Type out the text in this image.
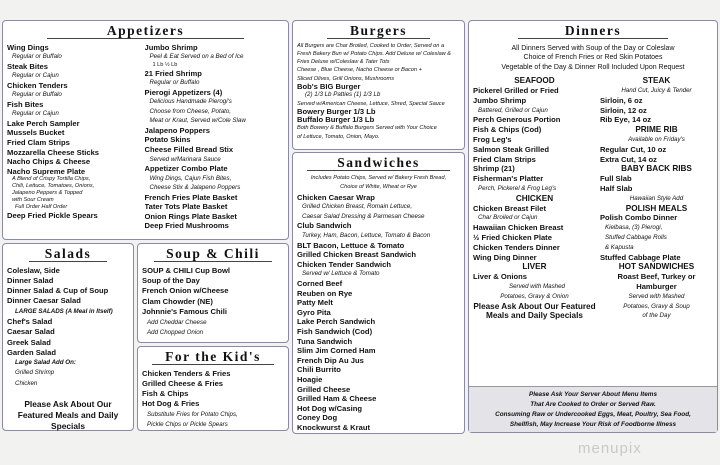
Appetizers
Wing Dings
Regular or Buffalo
Steak Bites
Regular or Cajun
Chicken Tenders
Regular or Buffalo
Fish Bites
Regular or Cajun
Lake Perch Sampler
Mussels Bucket
Fried Clam Strips
Mozzarella Cheese Sticks
Nacho Chips & Cheese
Nacho Supreme Plate
A Blend of Crispy Tortilla Chips,
Chili, Lettuce, Tomatoes, Onions,
Jalapeno Peppers & Topped
with Sour Cream
Full Order Half Order
Deep Fried Pickle Spears
Jumbo Shrimp
Peel & Eat Served on a Bed of Ice
1 Lb ½ Lb
21 Fried Shrimp
Regular or Buffalo
Pierogi Appetizers (4)
Delicious Handmade Pierogi's
Choose from Cheese, Potato,
Meat or Kraut, Served w/Cole Slaw
Jalapeno Poppers
Potato Skins
Cheese Filled Bread Stix
Served w/Marinara Sauce
Appetizer Combo Plate
Wing Dings, Cajun Fish Bites,
Cheese Stix & Jalapeno Poppers
French Fries Plate Basket
Tater Tots Plate Basket
Onion Rings Plate Basket
Deep Fried Mushrooms
Salads
Coleslaw, Side
Dinner Salad
Dinner Salad & Cup of Soup
Dinner Caesar Salad
LARGE SALADS (A Meal in Itself)
Chef's Salad
Caesar Salad
Greek Salad
Garden Salad
Large Salad Add On:
Grilled Shrimp
Chicken
Please Ask About Our Featured Meals and Daily Specials
Soup & Chili
SOUP & CHILI Cup Bowl
Soup of the Day
French Onion w/Cheese
Clam Chowder (NE)
Johnnie's Famous Chili
Add Cheddar Cheese
Add Chopped Onion
For the Kid's
Chicken Tenders & Fries
Grilled Cheese & Fries
Fish & Chips
Hot Dog & Fries
Substitute Fries for Potato Chips,
Pickle Chips or Pickle Spears
Burgers
All Burgers are Char Broiled, Cooked to Order, Served on a
Fresh Bakery Bun w/ Potato Chips. Add Deluxe w/ Coleslaw &
Fries Deluxe w/Coleslaw & Tater Tots
Cheese , Blue Cheese, Nacho Cheese or Bacon +
Sliced Olives, Grill Onions, Mushrooms
Bob's BIG Burger
(2) 1/3 Lb Patties (1) 1/3 Lb
Served w/American Cheese, Lettuce, Shred, Special Sauce
Bowery Burger 1/3 Lb
Buffalo Burger 1/3 Lb
Both Bowery & Buffalo Burgers Served with Your Choice
of Lettuce, Tomato, Onion, Mayo.
Sandwiches
Includes Potato Chips, Served w/ Bakery Fresh Bread,
Choice of White, Wheat or Rye
Chicken Caesar Wrap
Grilled Chicken Breast, Romain Lettuce,
Caesar Salad Dressing & Parmesan Cheese
Club Sandwich
Turkey, Ham, Bacon, Lettuce, Tomato & Bacon
BLT Bacon, Lettuce & Tomato
Grilled Chicken Breast Sandwich
Chicken Tender Sandwich
Served w/ Lettuce & Tomato
Corned Beef
Reuben on Rye
Patty Melt
Gyro Pita
Lake Perch Sandwich
Fish Sandwich (Cod)
Tuna Sandwich
Slim Jim Corned Ham
French Dip Au Jus
Chili Burrito
Hoagie
Grilled Cheese
Grilled Ham & Cheese
Hot Dog w/Casing
Coney Dog
Knockwurst & Kraut
Dinners
All Dinners Served with Soup of the Day or Coleslaw
Choice of French Fries or Red Skin Potatoes
Vegetable of the Day & Dinner Roll Included Upon Request
SEAFOOD
Pickerel Grilled or Fried
Jumbo Shrimp
Battered, Grilled or Cajun
Perch Generous Portion
Fish & Chips (Cod)
Frog Leg's
Salmon Steak Grilled
Fried Clam Strips
Shrimp (21)
Fisherman's Platter
Perch, Pickerel & Frog Leg's
CHICKEN
Chicken Breast Filet
Char Broiled or Cajun
Hawaiian Chicken Breast
½ Fried Chicken Plate
Chicken Tenders Dinner
Wing Ding Dinner
LIVER
Liver & Onions
Served with Mashed
Potatoes, Gravy & Onion
Please Ask About Our Featured
Meals and Daily Specials
STEAK
Hand Cut, Juicy & Tender
Sirloin, 6 oz
Sirloin, 12 oz
Rib Eye, 14 oz
PRIME RIB
Available on Friday's
Regular Cut, 10 oz
Extra Cut, 14 oz
BABY BACK RIBS
Full Slab
Half Slab
Hawaiian Style Add
POLISH MEALS
Polish Combo Dinner
Kielbasa, (3) Pierogi,
Stuffed Cabbage Rolls
& Kapusta
Stuffed Cabbage Plate
HOT SANDWICHES
Roast Beef, Turkey or
Hamburger
Served with Mashed
Potatoes, Gravy & Soup
of the Day
Please Ask Your Server About Menu Items
That Are Cooked to Order or Served Raw.
Consuming Raw or Undercooked Eggs, Meat, Poultry, Sea Food,
Shellfish, May Increase Your Risk of Foodborne Illness
menupix
